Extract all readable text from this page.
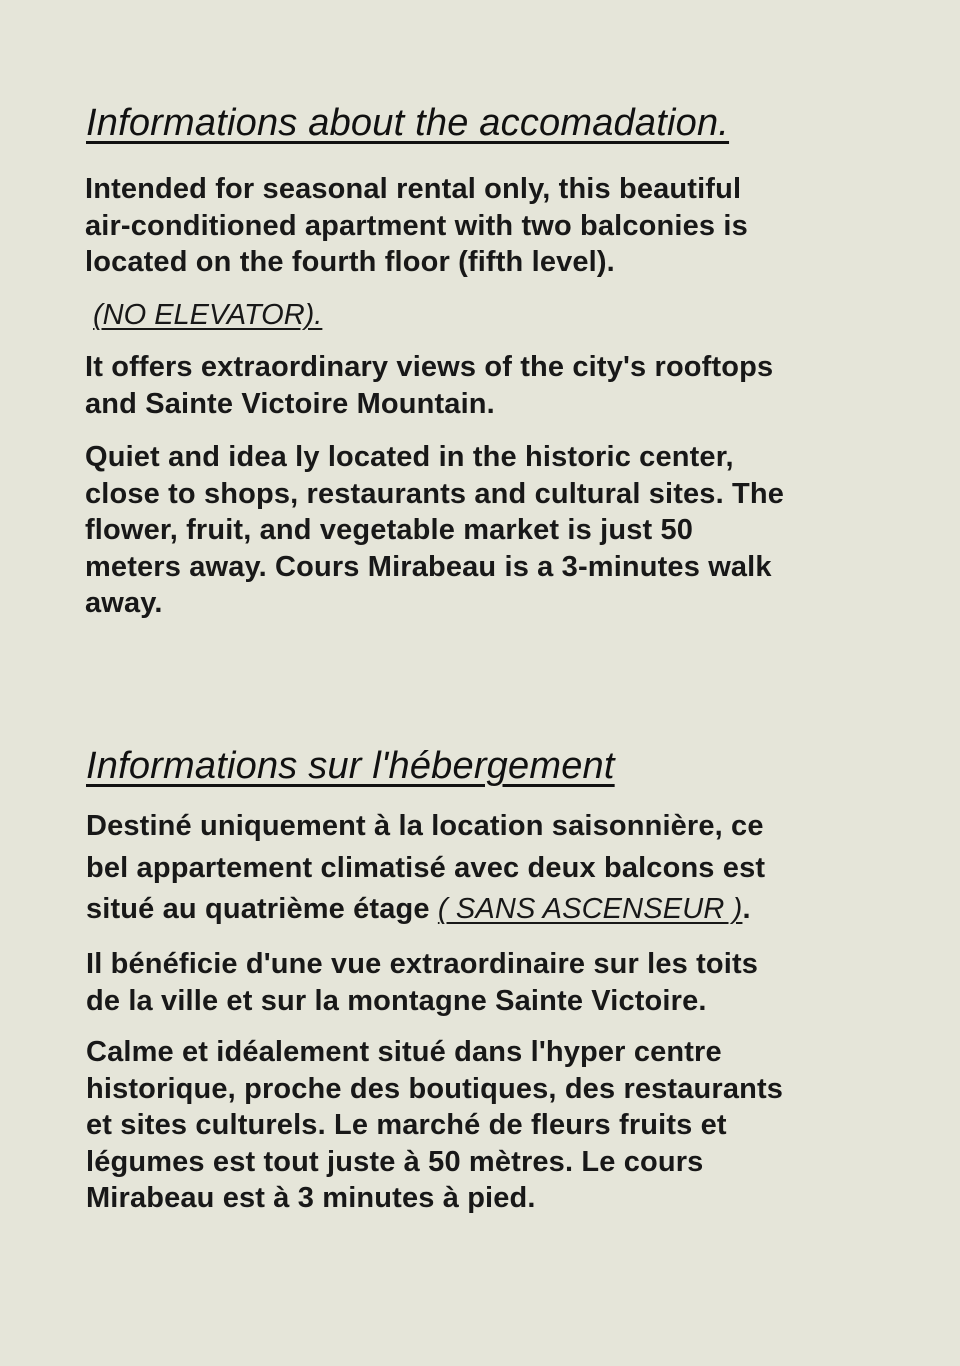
Informations about the accomadation.

Intended for seasonal rental only, this beautiful
air-conditioned apartment with two balconies is
located on the fourth floor (fifth level).

(NO ELEVATOR).

It offers extraordinary views of the city's rooftops
and Sainte Victoire Mountain.

Quiet and idea ly located in the historic center,
close to shops, restaurants and cultural sites. The
flower, fruit, and vegetable market is just 50
meters away. Cours Mirabeau is a 3-minutes walk
away.

Informations sur l'hébergement

Destiné uniquement à la location saisonnière, ce
bel appartement climatisé avec deux balcons est
situé au quatrième étage ( SANS ASCENSEUR ).

Il bénéficie d'une vue extraordinaire sur les toits
de la ville et sur la montagne Sainte Victoire.

Calme et idéalement situé dans l'hyper centre
historique, proche des boutiques, des restaurants
et sites culturels. Le marché de fleurs fruits et
légumes est tout juste à 50 mètres. Le cours
Mirabeau est à 3 minutes à pied.
